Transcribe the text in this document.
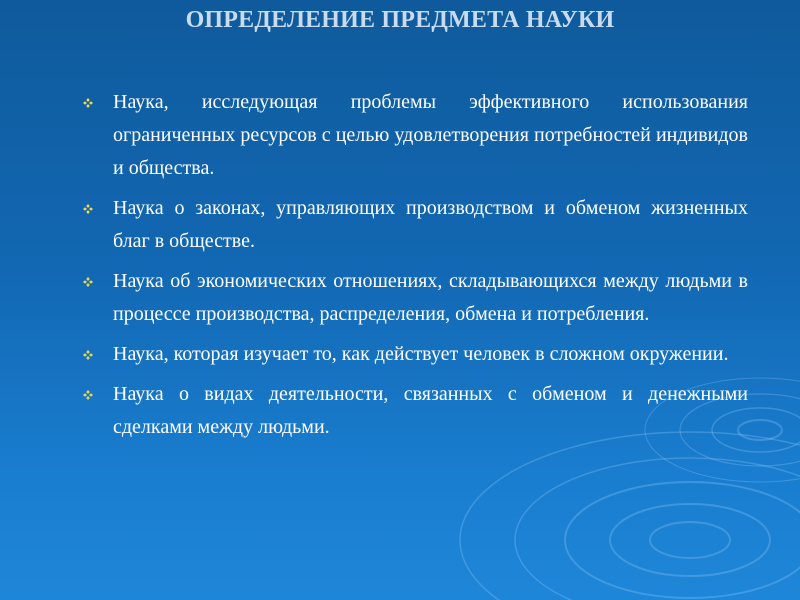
ОПРЕДЕЛЕНИЕ ПРЕДМЕТА НАУКИ
Наука, исследующая проблемы эффективного использования ограниченных ресурсов с целью удовлетворения потребностей индивидов и общества.
Наука о законах, управляющих производством и обменом жизненных благ в обществе.
Наука об экономических отношениях, складывающихся между людьми в процессе производства, распределения, обмена и потребления.
Наука, которая изучает то, как действует человек в сложном окружении.
Наука о видах деятельности, связанных с обменом и денежными сделками между людьми.
